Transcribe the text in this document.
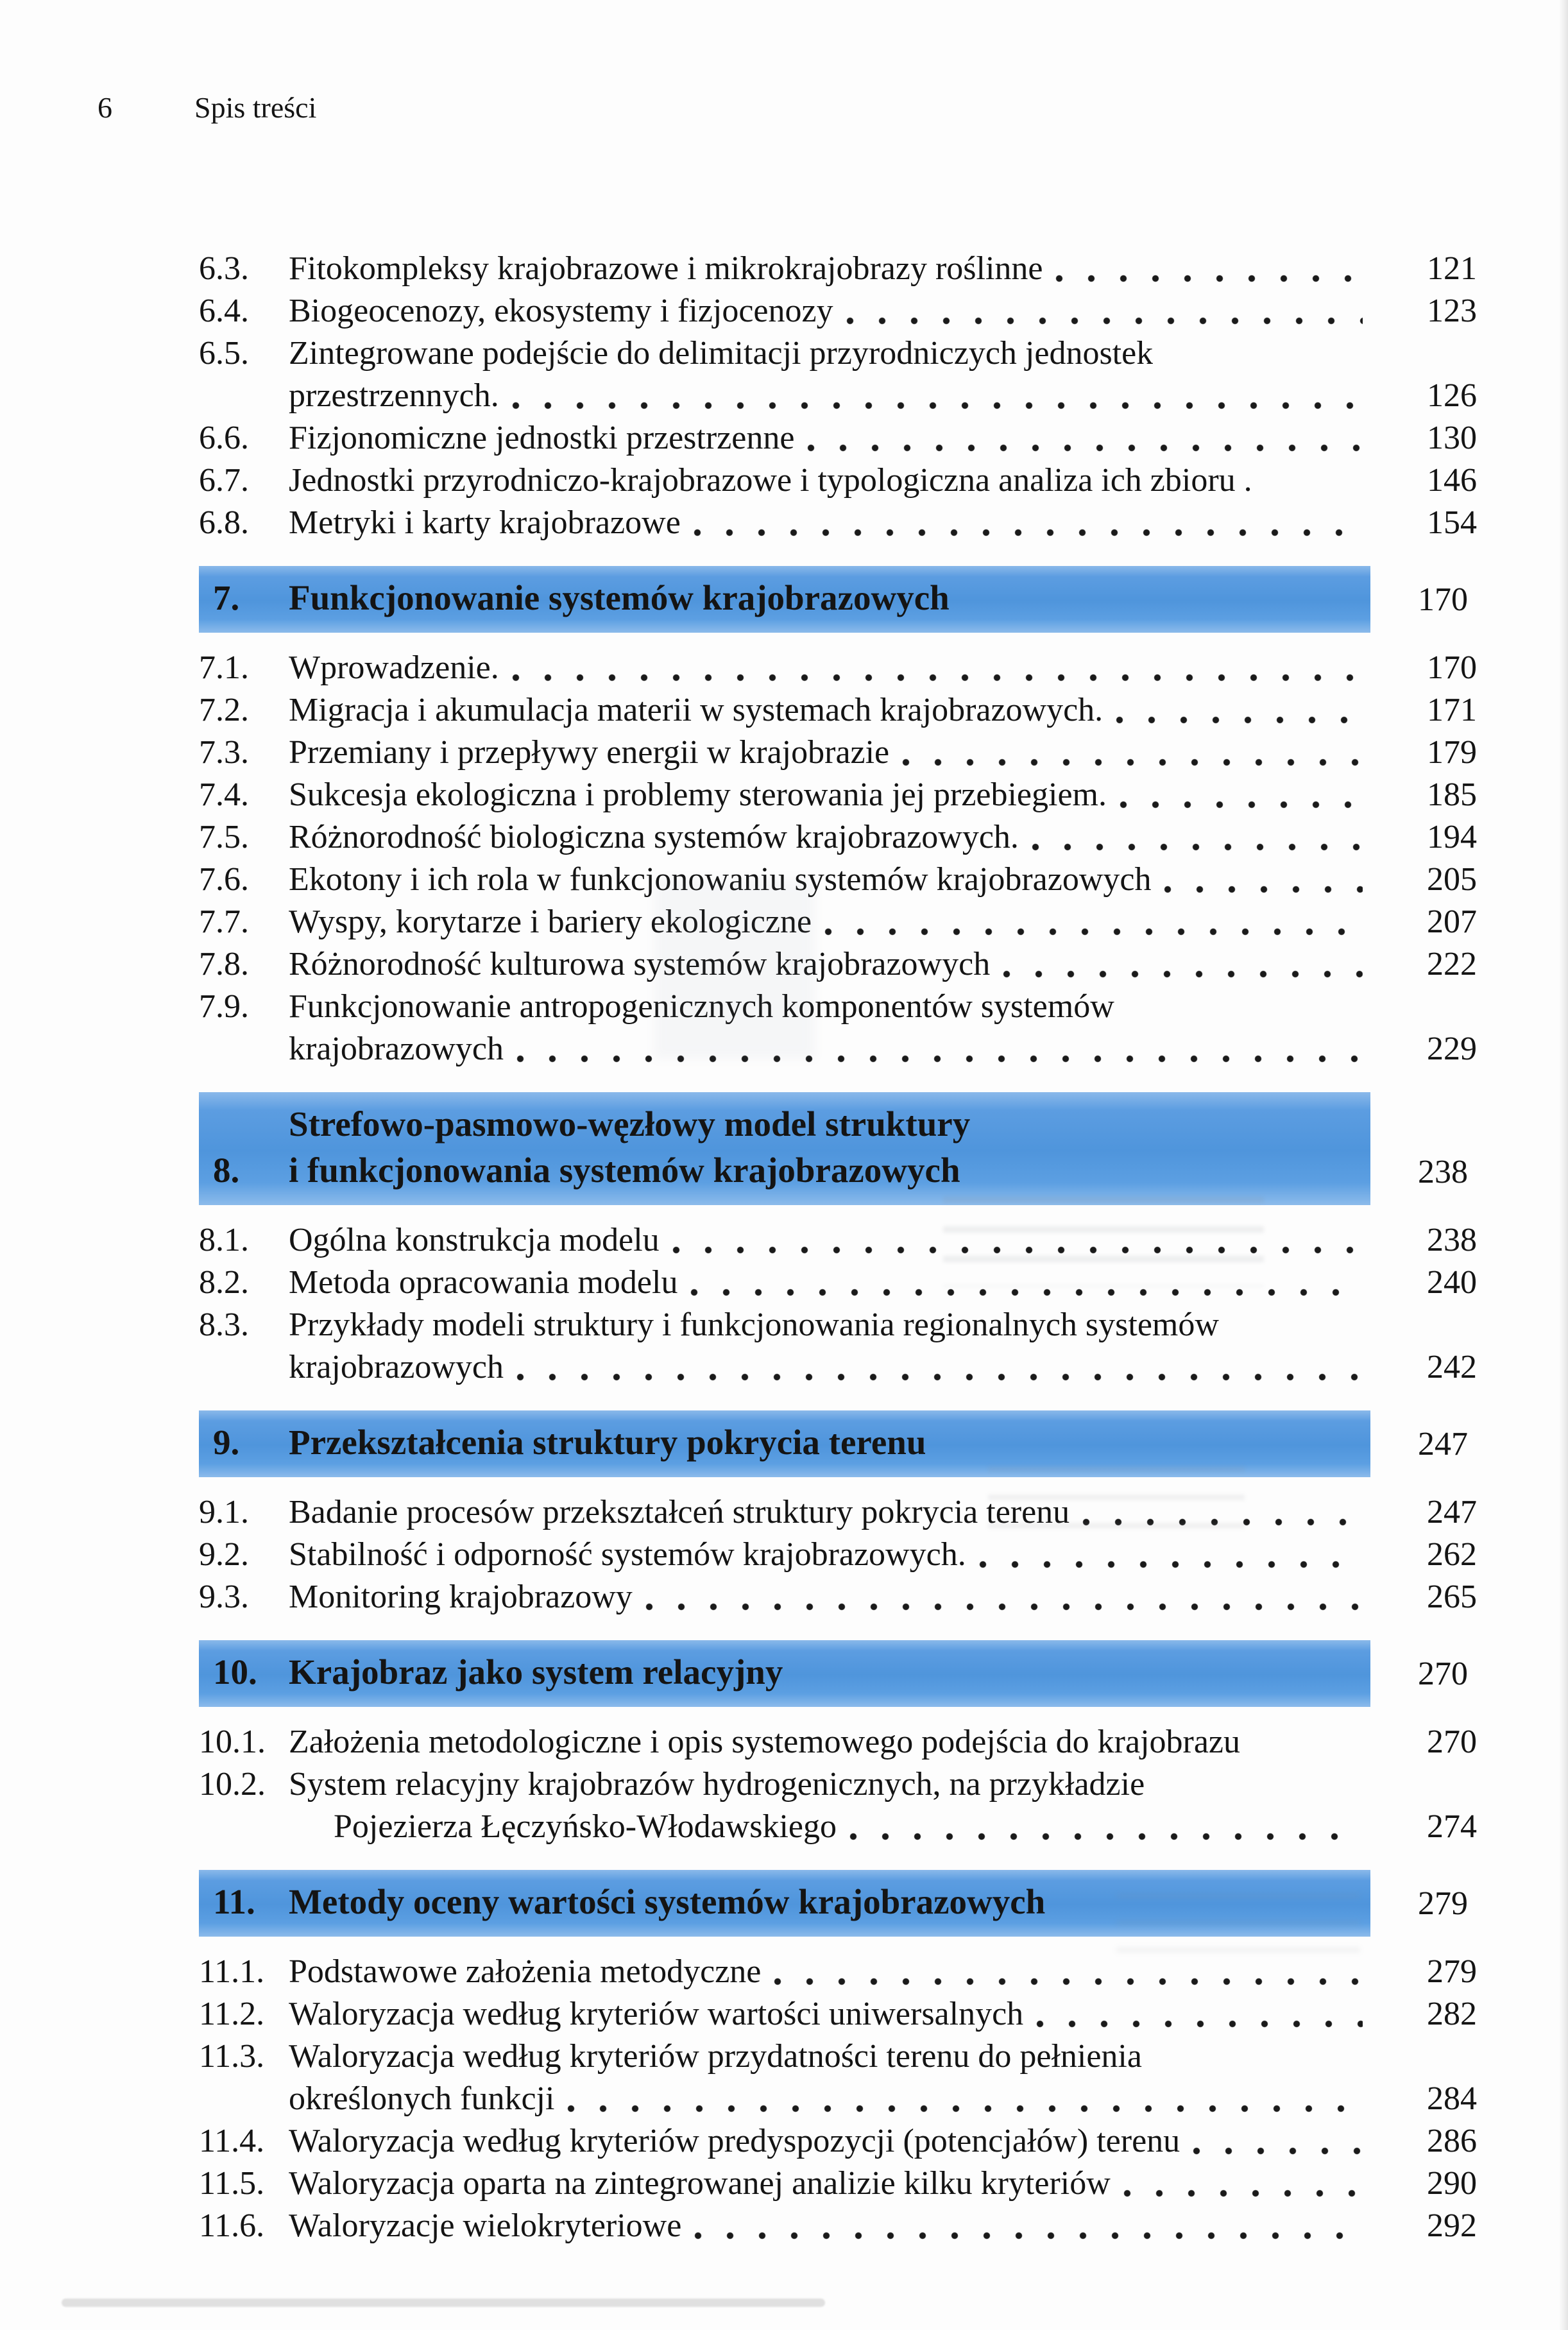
6	Spis treści
6.3.	Fitokompleksy krajobrazowe i mikrokrajobrazy roślinne	121
6.4.	Biogeocenozy, ekosystemy i fizjocenozy	123
6.5.	Zintegrowane podejście do delimitacji przyrodniczych jednostek
przestrzennych.	126
6.6.	Fizjonomiczne jednostki przestrzenne	130
6.7.	Jednostki przyrodniczo-krajobrazowe i typologiczna analiza ich zbioru .	146
6.8.	Metryki i karty krajobrazowe	154
7.	Funkcjonowanie systemów krajobrazowych	170
7.1.	Wprowadzenie.	170
7.2.	Migracja i akumulacja materii w systemach krajobrazowych.	171
7.3.	Przemiany i przepływy energii w krajobrazie	179
7.4.	Sukcesja ekologiczna i problemy sterowania jej przebiegiem.	185
7.5.	Różnorodność biologiczna systemów krajobrazowych.	194
7.6.	Ekotony i ich rola w funkcjonowaniu systemów krajobrazowych	205
7.7.	Wyspy, korytarze i bariery ekologiczne	207
7.8.	Różnorodność kulturowa systemów krajobrazowych	222
7.9.	Funkcjonowanie antropogenicznych komponentów systemów
krajobrazowych	229
8.
Strefowo-pasmowo-węzłowy model struktury
i funkcjonowania systemów krajobrazowych	238
8.1.	Ogólna konstrukcja modelu	238
8.2.	Metoda opracowania modelu	240
8.3.	Przykłady modeli struktury i funkcjonowania regionalnych systemów
krajobrazowych	242
9.	Przekształcenia struktury pokrycia terenu	247
9.1.	Badanie procesów przekształceń struktury pokrycia terenu	247
9.2.	Stabilność i odporność systemów krajobrazowych.	262
9.3.	Monitoring krajobrazowy	265
10. Krajobraz jako system relacyjny	270
10.1. Założenia metodologiczne i opis systemowego podejścia do krajobrazu	270
10.2. System relacyjny krajobrazów hydrogenicznych, na przykładzie
Pojezierza Łęczyńsko-Włodawskiego	274
11. Metody oceny wartości systemów krajobrazowych	279
11.1. Podstawowe założenia metodyczne	279
11.2. Waloryzacja według kryteriów wartości uniwersalnych	282
11.3. Waloryzacja według kryteriów przydatności terenu do pełnienia
określonych funkcji	284
11.4. Waloryzacja według kryteriów predyspozycji (potencjałów) terenu	286
11.5. Waloryzacja oparta na zintegrowanej analizie kilku kryteriów	290
11.6. Waloryzacje wielokryteriowe	292
